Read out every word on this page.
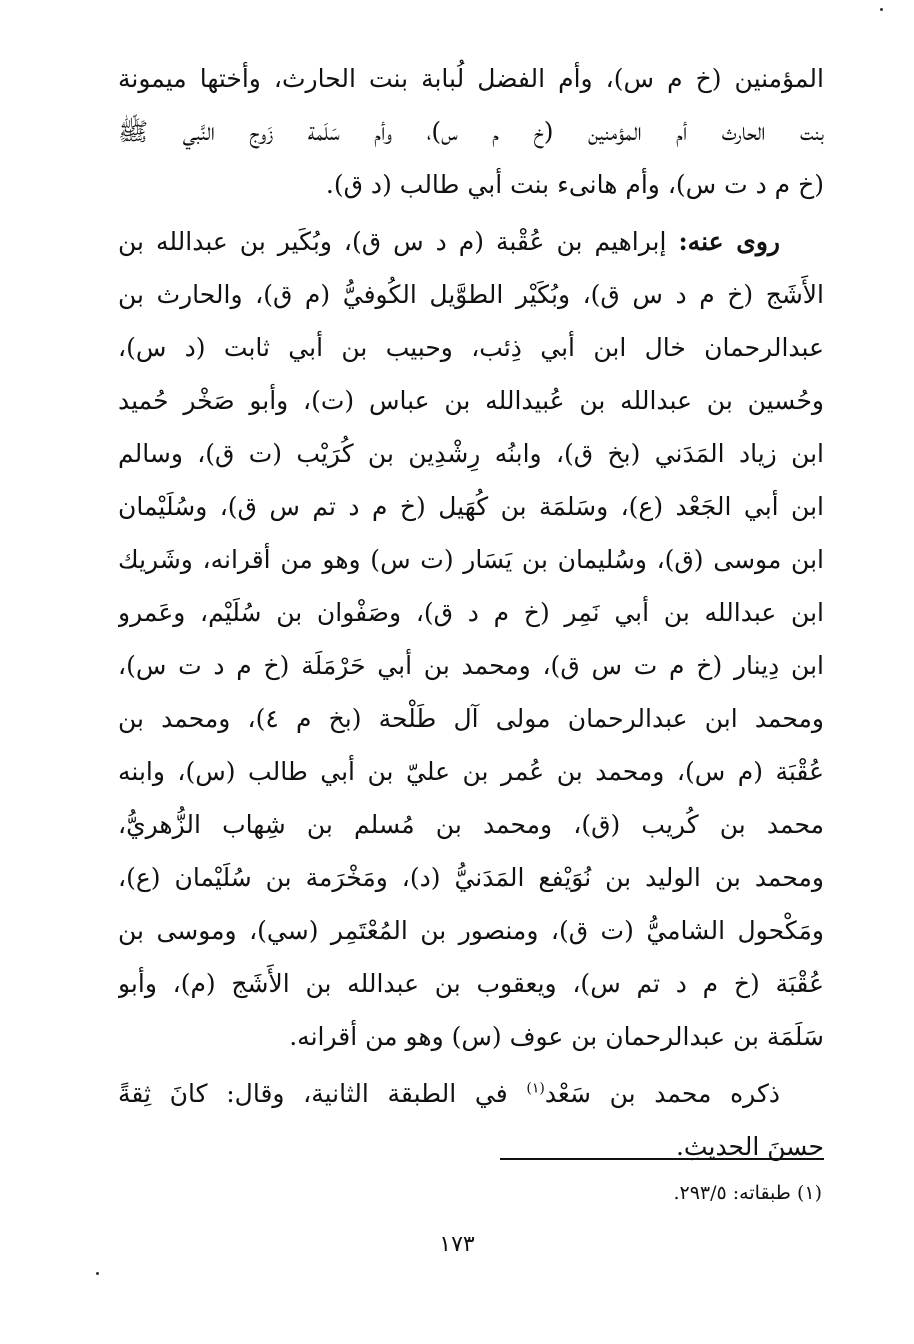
المؤمنين (خ م س)، وأم الفضل لُبابة بنت الحارث، وأختها ميمونة
بنت الحارث أم المؤمنين (خ م س)، وأم سَلَمة زَوج النَّبي ﷺ
(خ م د ت س)، وأم هانىء بنت أبي طالب (د ق).
روى عنه: إبراهيم بن عُقْبة (م د س ق)، وبُكَير بن عبدالله بن
الأَشَج (خ م د س ق)، وبُكَيْر الطوَّيل الكُوفيُّ (م ق)، والحارث بن
عبدالرحمان خال ابن أبي ذِئب، وحبيب بن أبي ثابت (د س)،
وحُسين بن عبدالله بن عُبيدالله بن عباس (ت)، وأبو صَخْر حُميد
ابن زياد المَدَني (بخ ق)، وابنُه رِشْدِين بن كُرَيْب (ت ق)، وسالم
ابن أبي الجَعْد (ع)، وسَلمَة بن كُهَيل (خ م د تم س ق)، وسُلَيْمان
ابن موسى (ق)، وسُليمان بن يَسَار (ت س) وهو من أقرانه، وشَريك
ابن عبدالله بن أبي نَمِر (خ م د ق)، وصَفْوان بن سُلَيْم، وعَمرو
ابن دِينار (خ م ت س ق)، ومحمد بن أبي حَرْمَلَة (خ م د ت س)،
ومحمد ابن عبدالرحمان مولى آل طَلْحة (بخ م ٤)، ومحمد بن
عُقْبَة (م س)، ومحمد بن عُمر بن عليّ بن أبي طالب (س)، وابنه
محمد بن كُريب (ق)، ومحمد بن مُسلم بن شِهاب الزُّهريُّ،
ومحمد بن الوليد بن نُوَيْفع المَدَنيُّ (د)، ومَخْرَمة بن سُلَيْمان (ع)،
ومَكْحول الشاميُّ (ت ق)، ومنصور بن المُعْتَمِر (سي)، وموسى بن
عُقْبَة (خ م د تم س)، ويعقوب بن عبدالله بن الأَشَج (م)، وأبو
سَلَمَة بن عبدالرحمان بن عوف (س) وهو من أقرانه.
ذكره محمد بن سَعْد$^{(١)}$ في الطبقة الثانية، وقال: كانَ ثِقةً
حسنَ الحديثِ.
(١) طبقاته: ٢٩٣/٥.
١٧٣
